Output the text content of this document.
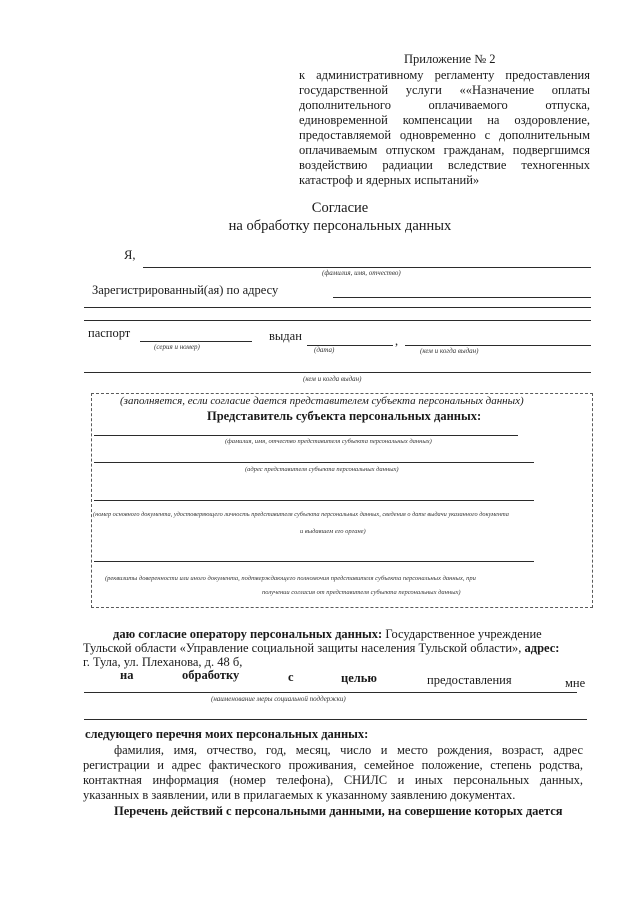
Приложение № 2
к административному регламенту предоставления
государственной услуги ««Назначение оплаты
дополнительного оплачиваемого отпуска,
единовременной компенсации на оздоровление,
предоставляемой одновременно с дополнительным
оплачиваемым отпуском гражданам, подвергшимся
воздействию радиации вследствие техногенных
катастроф и ядерных испытаний»
Согласие
на обработку персональных данных
Я,
(фамилия, имя, отчество)
Зарегистрированный(ая) по адресу
паспорт
(серия и номер)
выдан	,
(дата)	(кем и когда выдан)
(кем и когда выдан)
(заполняется, если согласие дается представителем субъекта персональных данных)
Представитель субъекта персональных данных:
(фамилия, имя, отчество представителя субъекта персональных данных)
(адрес представителя субъекта персональных данных)
(номер основного документа, удостоверяющего личность представителя субъекта персональных данных, сведения о дате выдачи указанного документа
и выдавшем его органе)
(реквизиты доверенности или иного документа, подтверждающего полномочия представителя субъекта персональных данных, при
получении согласия от представителя субъекта персональных данных)
даю согласие оператору персональных данных: Государственное учреждение
Тульской области «Управление социальной защиты населения Тульской области», адрес:
г. Тула, ул. Плеханова, д. 48 б,
на	обработку	с	целью	предоставления	мне
(наименование меры социальной поддержки)
следующего перечня моих персональных данных:
фамилия, имя, отчество, год, месяц, число и место рождения, возраст, адрес
регистрации и адрес фактического проживания, семейное положение, степень родства,
контактная информация (номер телефона), СНИЛС и иных персональных данных,
указанных в заявлении, или в прилагаемых к указанному заявлению документах.
Перечень действий с персональными данными, на совершение которых дается
